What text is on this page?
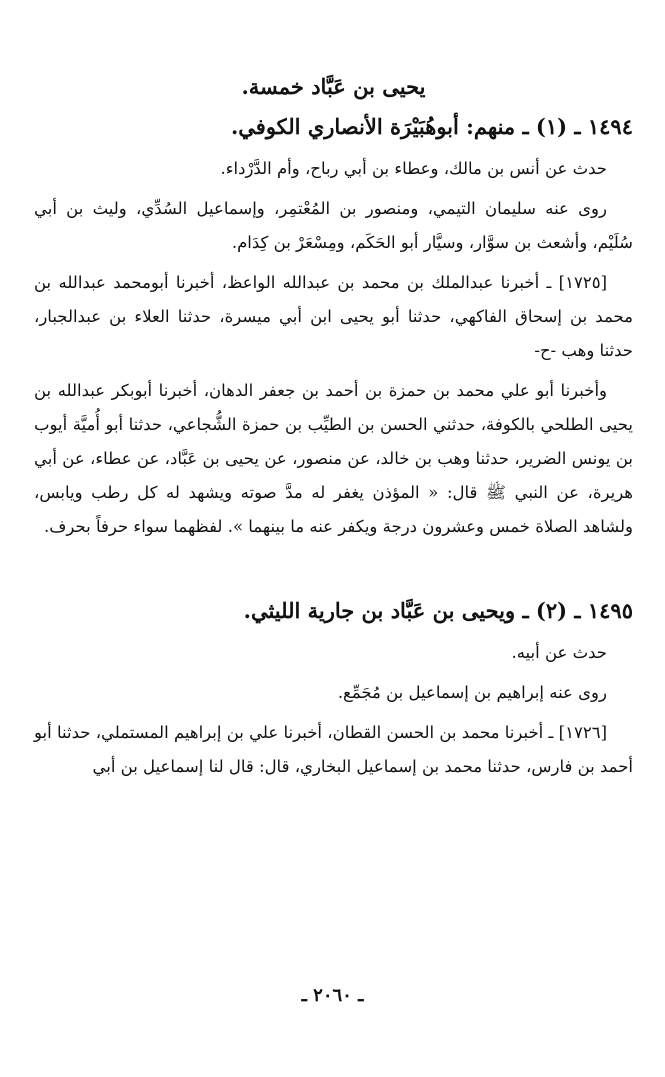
يحيى بن عَبَّاد خمسة.
١٤٩٤ ـ (١) ـ منهم: أبوهُبَيْرَة الأنصاري الكوفي.

حدث عن أنس بن مالك، وعطاء بن أبي رباح، وأم الدَّرْداء.

روى عنه سليمان التيمي، ومنصور بن المُعْتمِر، وإسماعيل السُدِّي، وليث بن أبي سُلَيْم، وأشعث بن سوَّار، وسيَّار أبو الحَكَم، ومِسْعَرْ بن كِدَام.

[١٧٢٥] ـ أخبرنا عبدالملك بن محمد بن عبدالله الواعظ، أخبرنا أبومحمد عبدالله بن محمد بن إسحاق الفاكهي، حدثنا أبو يحيى ابن أبي ميسرة، حدثنا العلاء بن عبدالجبار، حدثنا وهب -ح-

وأخبرنا أبو علي محمد بن حمزة بن أحمد بن جعفر الدهان، أخبرنا أبوبكر عبدالله بن يحيى الطلحي بالكوفة، حدثني الحسن بن الطيِّب بن حمزة الشُّجاعي، حدثنا أبو أُميَّة أيوب بن يونس الضرير، حدثنا وهب بن خالد، عن منصور، عن يحيى بن عَبَّاد، عن عطاء، عن أبي هريرة، عن النبي ﷺ قال: « المؤذن يغفر له مدَّ صوته ويشهد له كل رطب ويابس، ولشاهد الصلاة خمس وعشرون درجة ويكفر عنه ما بينهما ». لفظهما سواء حرفاً بحرف.

١٤٩٥ ـ (٢) ـ ويحيى بن عَبَّاد بن جارية الليثي.

حدث عن أبيه.

روى عنه إبراهيم بن إسماعيل بن مُجَمِّع.

[١٧٢٦] ـ أخبرنا محمد بن الحسن القطان، أخبرنا علي بن إبراهيم المستملي، حدثنا أبو أحمد بن فارس، حدثنا محمد بن إسماعيل البخاري، قال: قال لنا إسماعيل بن أبي

ـ ٢٠٦٠ ـ
